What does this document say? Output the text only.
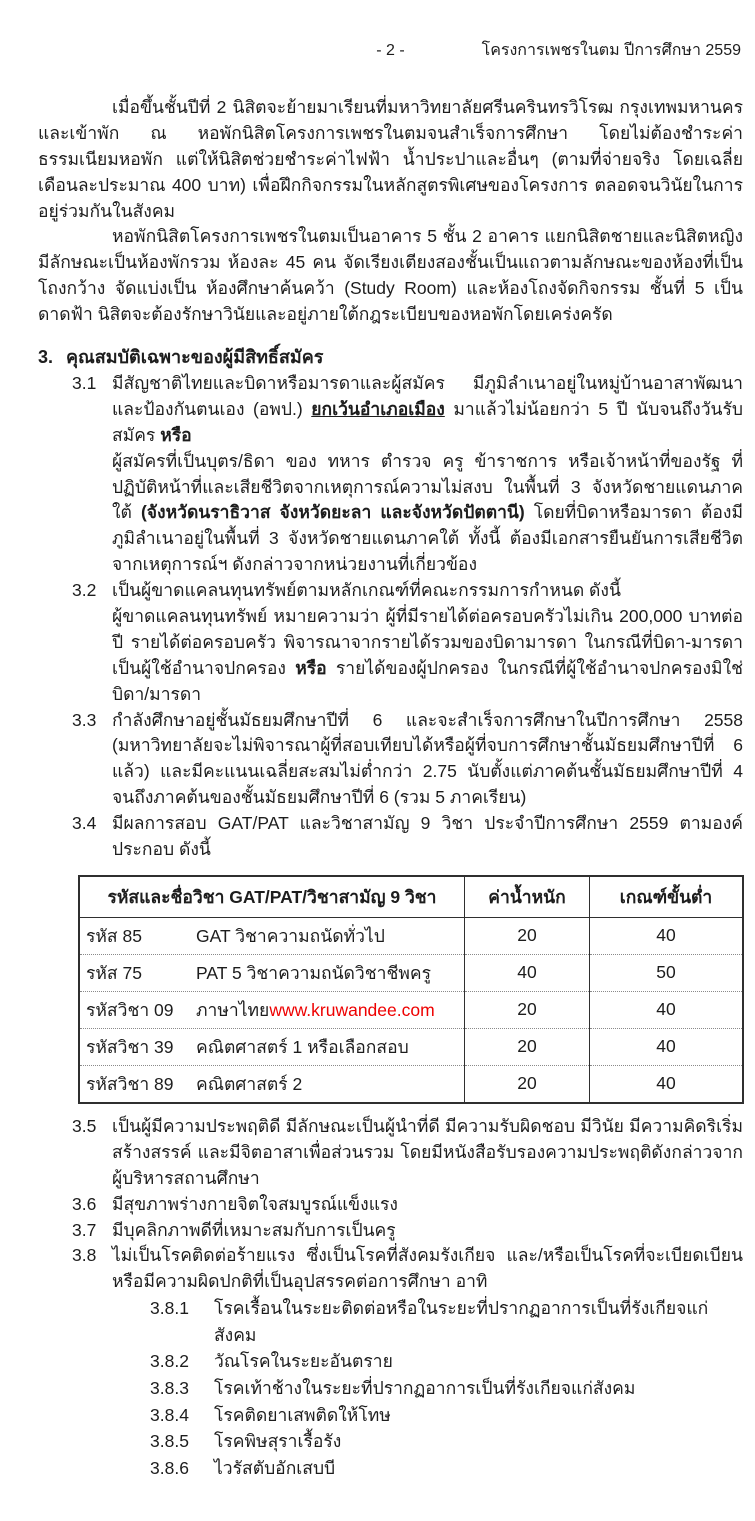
- 2 -	โครงการเพชรในตม ปีการศึกษา 2559

เมื่อขึ้นชั้นปีที่ 2 นิสิตจะย้ายมาเรียนที่มหาวิทยาลัยศรีนครินทรวิโรฒ กรุงเทพมหานคร และเข้าพัก ณ หอพักนิสิตโครงการเพชรในตมจนสำเร็จการศึกษา โดยไม่ต้องชำระค่าธรรมเนียมหอพัก แต่ให้นิสิตช่วยชำระค่าไฟฟ้า น้ำประปาและอื่นๆ (ตามที่จ่ายจริง โดยเฉลี่ยเดือนละประมาณ 400 บาท) เพื่อฝึกกิจกรรมในหลักสูตรพิเศษของโครงการ ตลอดจนวินัยในการอยู่ร่วมกันในสังคม

หอพักนิสิตโครงการเพชรในตมเป็นอาคาร 5 ชั้น 2 อาคาร แยกนิสิตชายและนิสิตหญิง มีลักษณะเป็นห้องพักรวม ห้องละ 45 คน จัดเรียงเตียงสองชั้นเป็นแถวตามลักษณะของห้องที่เป็นโถงกว้าง จัดแบ่งเป็น ห้องศึกษาค้นคว้า (Study Room) และห้องโถงจัดกิจกรรม ชั้นที่ 5 เป็นดาดฟ้า นิสิตจะต้องรักษาวินัยและอยู่ภายใต้กฎระเบียบของหอพักโดยเคร่งครัด

3. คุณสมบัติเฉพาะของผู้มีสิทธิ์สมัคร
3.1 มีสัญชาติไทยและบิดาหรือมารดาและผู้สมัคร มีภูมิลำเนาอยู่ในหมู่บ้านอาสาพัฒนาและป้องกันตนเอง (อพป.) ยกเว้นอำเภอเมือง มาแล้วไม่น้อยกว่า 5 ปี นับจนถึงวันรับสมัคร หรือ
ผู้สมัครที่เป็นบุตร/ธิดา ของ ทหาร ตำรวจ ครู ข้าราชการ หรือเจ้าหน้าที่ของรัฐ ที่ปฏิบัติหน้าที่และเสียชีวิตจากเหตุการณ์ความไม่สงบ ในพื้นที่ 3 จังหวัดชายแดนภาคใต้ (จังหวัดนราธิวาส จังหวัดยะลา และจังหวัดปัตตานี) โดยที่บิดาหรือมารดา ต้องมีภูมิลำเนาอยู่ในพื้นที่ 3 จังหวัดชายแดนภาคใต้ ทั้งนี้ ต้องมีเอกสารยืนยันการเสียชีวิตจากเหตุการณ์ฯ ดังกล่าวจากหน่วยงานที่เกี่ยวข้อง
3.2 เป็นผู้ขาดแคลนทุนทรัพย์ตามหลักเกณฑ์ที่คณะกรรมการกำหนด ดังนี้
ผู้ขาดแคลนทุนทรัพย์ หมายความว่า ผู้ที่มีรายได้ต่อครอบครัวไม่เกิน 200,000 บาทต่อปี รายได้ต่อครอบครัว พิจารณาจากรายได้รวมของบิดามารดา ในกรณีที่บิดา-มารดาเป็นผู้ใช้อำนาจปกครอง หรือ รายได้ของผู้ปกครอง ในกรณีที่ผู้ใช้อำนาจปกครองมิใช่บิดา/มารดา
3.3 กำลังศึกษาอยู่ชั้นมัธยมศึกษาปีที่ 6 และจะสำเร็จการศึกษาในปีการศึกษา 2558 (มหาวิทยาลัยจะไม่พิจารณาผู้ที่สอบเทียบได้หรือผู้ที่จบการศึกษาชั้นมัธยมศึกษาปีที่ 6 แล้ว) และมีคะแนนเฉลี่ยสะสมไม่ต่ำกว่า 2.75 นับตั้งแต่ภาคต้นชั้นมัธยมศึกษาปีที่ 4 จนถึงภาคต้นของชั้นมัธยมศึกษาปีที่ 6 (รวม 5 ภาคเรียน)
3.4 มีผลการสอบ GAT/PAT และวิชาสามัญ 9 วิชา ประจำปีการศึกษา 2559 ตามองค์ประกอบ ดังนี้
รหัสและชื่อวิชา GAT/PAT/วิชาสามัญ 9 วิชา	ค่าน้ำหนัก	เกณฑ์ขั้นต่ำ
รหัส 85 GAT วิชาความถนัดทั่วไป	20	40
รหัส 75 PAT 5 วิชาความถนัดวิชาชีพครู	40	50
รหัสวิชา 09 ภาษาไทยwww.kruwandee.com	20	40
รหัสวิชา 39 คณิตศาสตร์ 1 หรือเลือกสอบ	20	40
รหัสวิชา 89 คณิตศาสตร์ 2	20	40
3.5 เป็นผู้มีความประพฤติดี มีลักษณะเป็นผู้นำที่ดี มีความรับผิดชอบ มีวินัย มีความคิดริเริ่มสร้างสรรค์ และมีจิตอาสาเพื่อส่วนรวม โดยมีหนังสือรับรองความประพฤติดังกล่าวจากผู้บริหารสถานศึกษา
3.6 มีสุขภาพร่างกายจิตใจสมบูรณ์แข็งแรง
3.7 มีบุคลิกภาพดีที่เหมาะสมกับการเป็นครู
3.8 ไม่เป็นโรคติดต่อร้ายแรง ซึ่งเป็นโรคที่สังคมรังเกียจ และ/หรือเป็นโรคที่จะเบียดเบียน หรือมีความผิดปกติที่เป็นอุปสรรคต่อการศึกษา อาทิ
3.8.1	โรคเรื้อนในระยะติดต่อหรือในระยะที่ปรากฏอาการเป็นที่รังเกียจแก่สังคม
3.8.2	วัณโรคในระยะอันตราย
3.8.3	โรคเท้าช้างในระยะที่ปรากฏอาการเป็นที่รังเกียจแก่สังคม
3.8.4	โรคติดยาเสพติดให้โทษ
3.8.5	โรคพิษสุราเรื้อรัง
3.8.6	ไวรัสตับอักเสบบี
